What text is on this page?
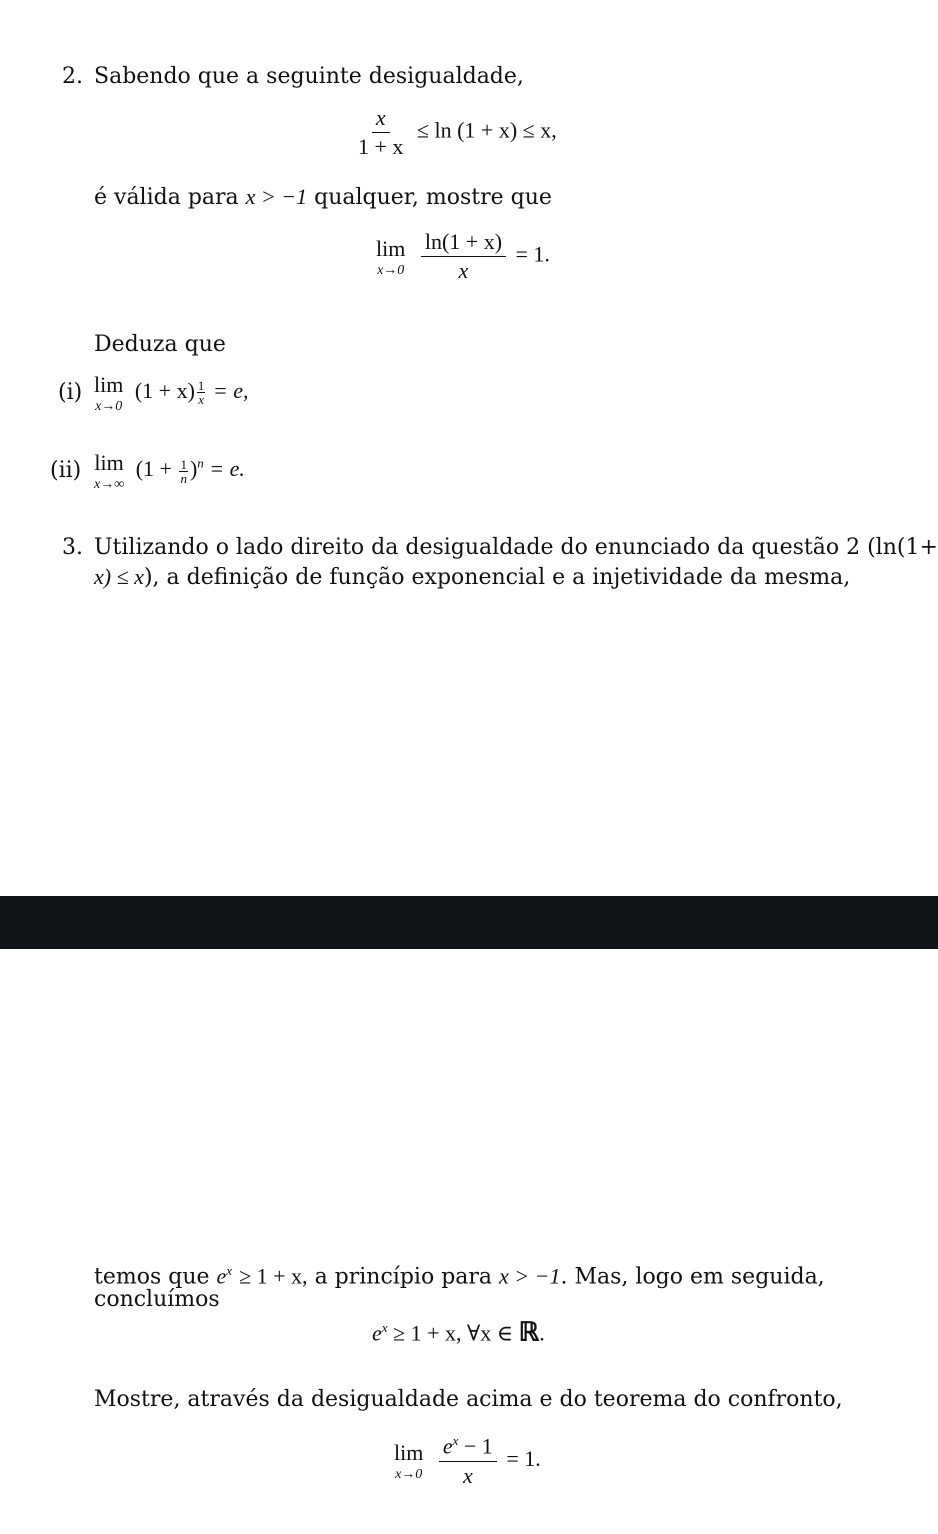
2. Sabendo que a seguinte desigualdade,
$\frac{x}{1 + x} \le \ln (1 + x) \le x$,
é válida para x > −1 qualquer, mostre que
lim
x→0
$\frac{\ln(1 + x)}{x} = 1$.
Deduza que
(i) lim
x→0
$(1 + x) \frac{1}{x} = e$,
(ii) lim
x→∞
$(1 + \frac{1}{n} )^n = e$.
3. Utilizando o lado direito da desigualdade do enunciado da questão 2 (ln(1+
x) ≤ x), a definição de função exponencial e a injetividade da mesma,
temos que $e^x \ge 1 + x$, a princípio para x > −1. Mas, logo em seguida,
concluímos
$e^x \ge 1 + x$, ∀x ∈ ℝ.
Mostre, através da desigualdade acima e do teorema do confronto,
lim
x→0
$\frac{e^x - 1}{x} = 1$.
